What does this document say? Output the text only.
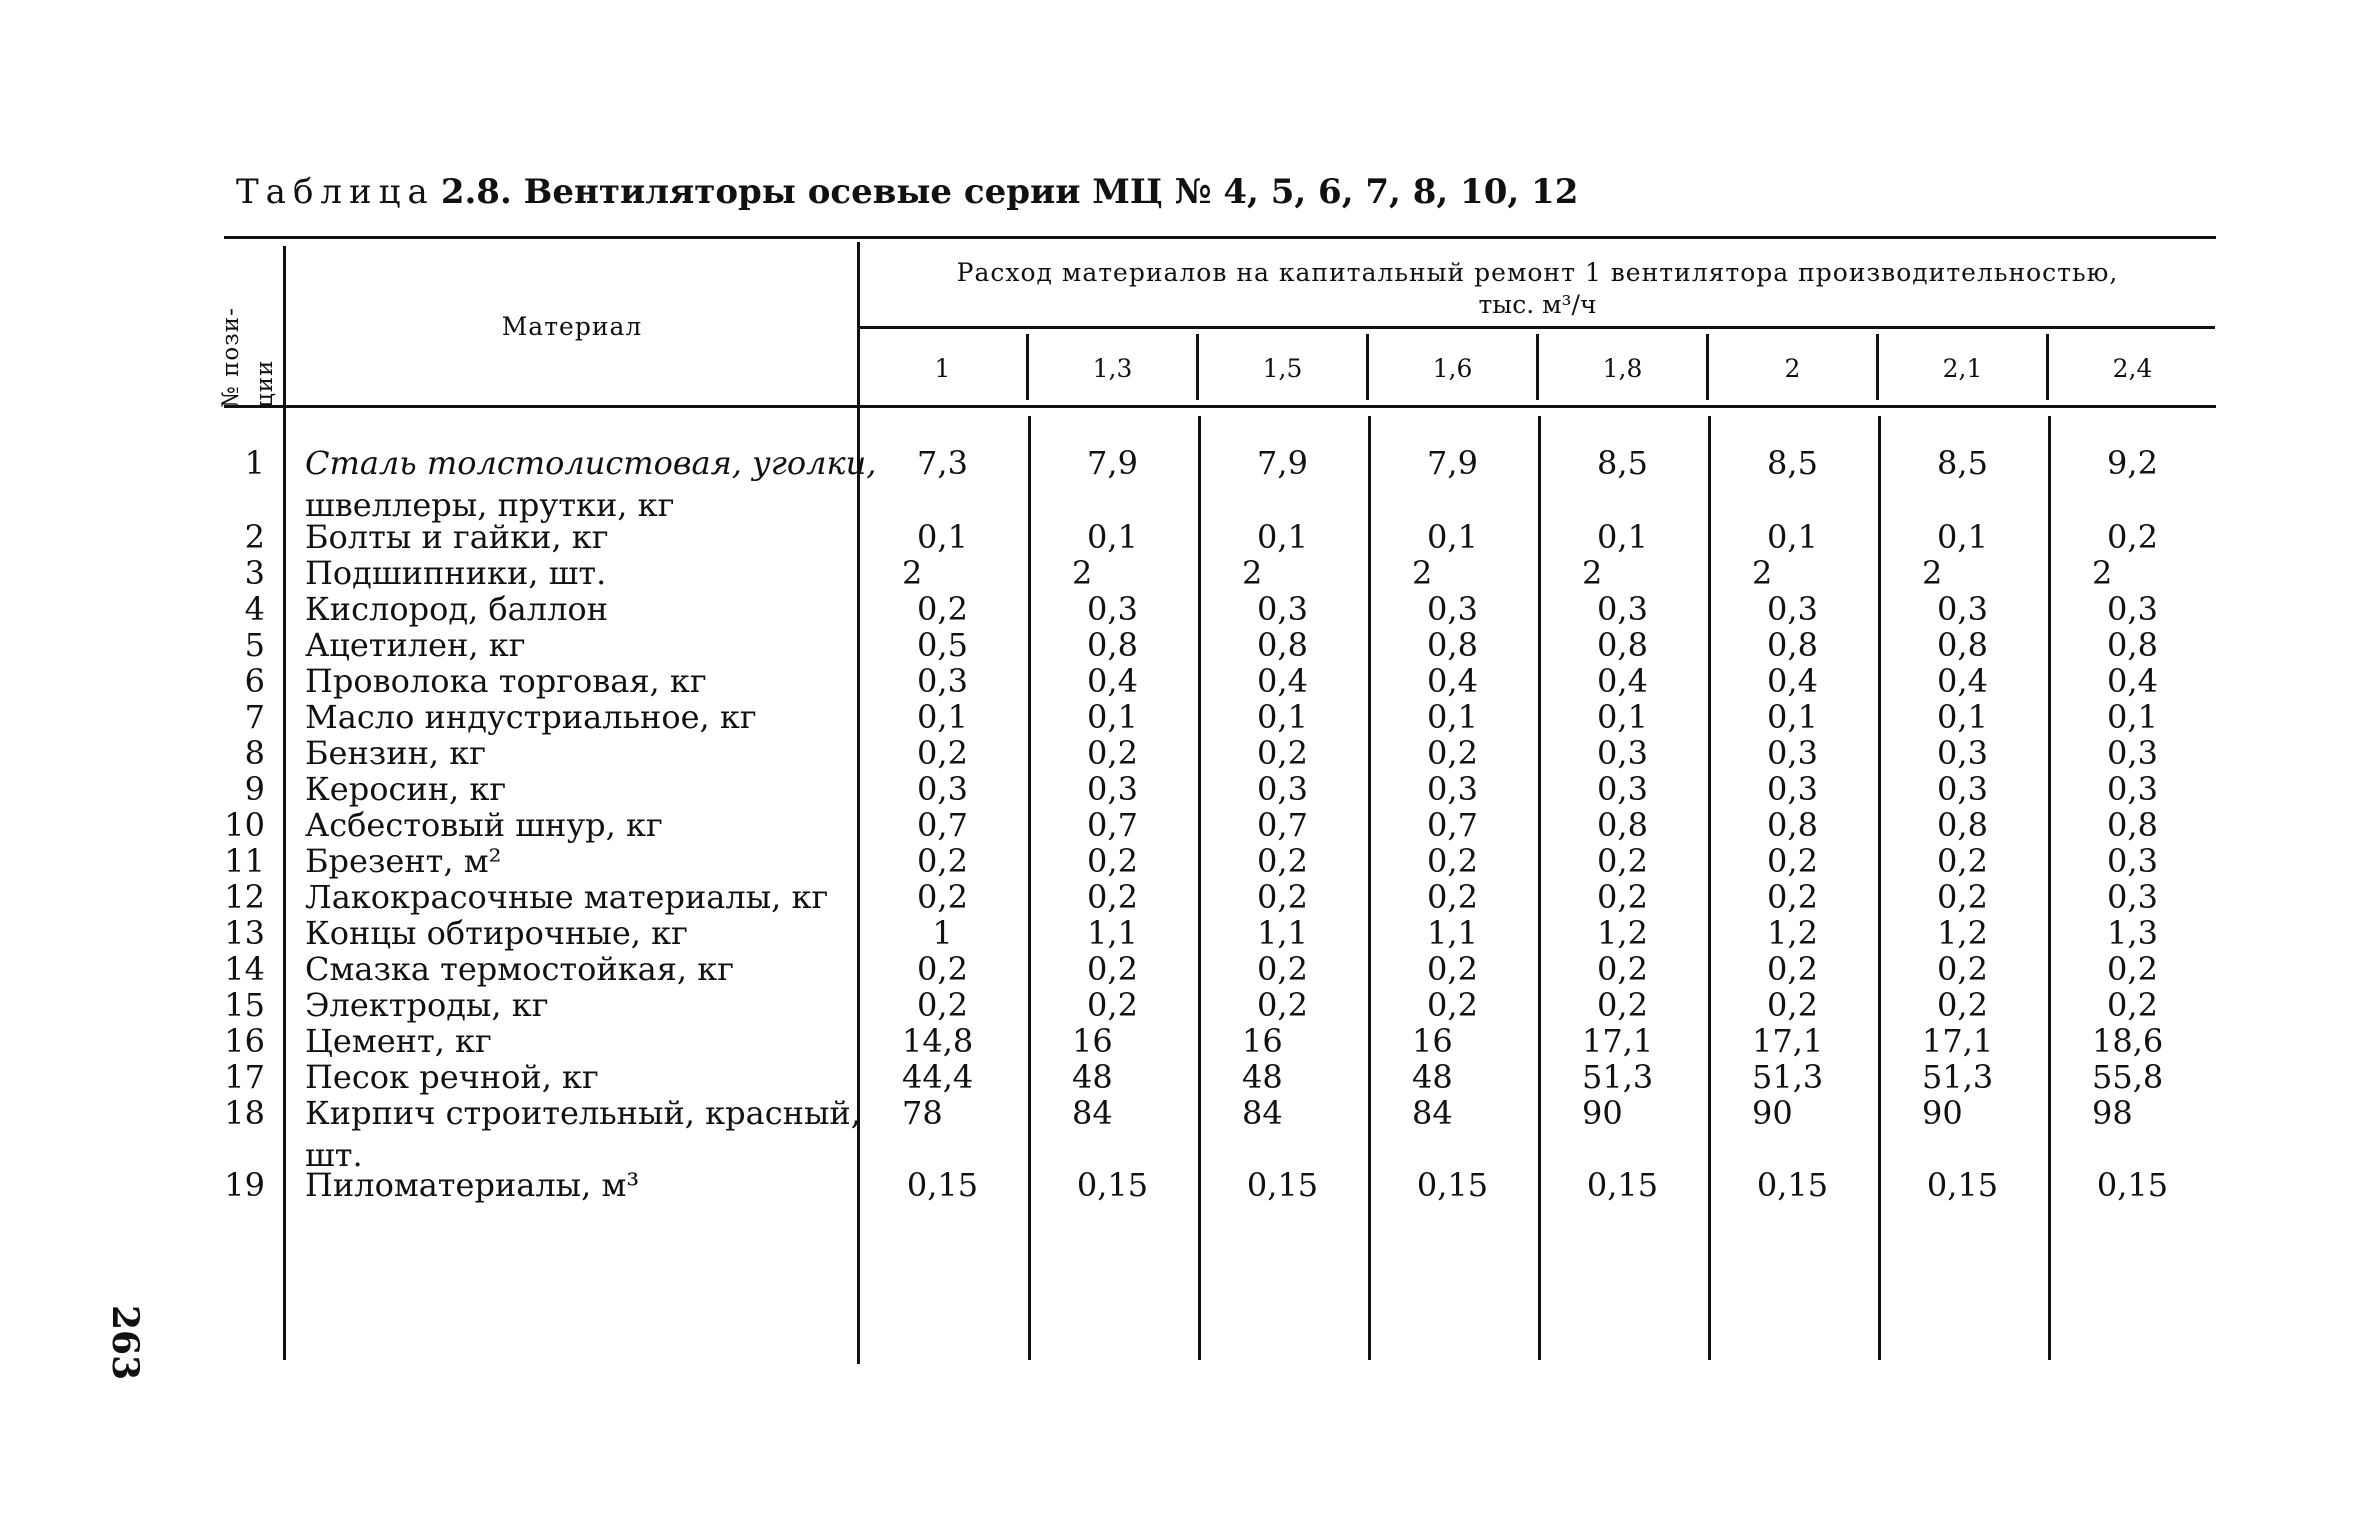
Таблица 2.8. Вентиляторы осевые серии МЦ № 4, 5, 6, 7, 8, 10, 12
№ пози- ции
Материал
Расход материалов на капитальный ремонт 1 вентилятора производительностью,
тыс. м³/ч
1	1,3	1,5	1,6	1,8	2	2,1	2,4
1 Сталь толстолистовая, уголки,
швеллеры, прутки, кг
7,3	7,9	7,9	7,9	8,5	8,5	8,5	9,2
2 Болты и гайки, кг	0,1	0,1	0,1	0,1	0,1	0,1	0,1	0,2
3 Подшипники, шт.	2	2	2	2	2	2	2	2
4 Кислород, баллон	0,2	0,3	0,3	0,3	0,3	0,3	0,3	0,3
5 Ацетилен, кг	0,5	0,8	0,8	0,8	0,8	0,8	0,8	0,8
6 Проволока торговая, кг	0,3	0,4	0,4	0,4	0,4	0,4	0,4	0,4
7 Масло индустриальное, кг	0,1	0,1	0,1	0,1	0,1	0,1	0,1	0,1
8 Бензин, кг	0,2	0,2	0,2	0,2	0,3	0,3	0,3	0,3
9 Керосин, кг	0,3	0,3	0,3	0,3	0,3	0,3	0,3	0,3
10 Асбестовый шнур, кг	0,7	0,7	0,7	0,7	0,8	0,8	0,8	0,8
11 Брезент, м²	0,2	0,2	0,2	0,2	0,2	0,2	0,2	0,3
12 Лакокрасочные материалы, кг	0,2	0,2	0,2	0,2	0,2	0,2	0,2	0,3
13 Концы обтирочные, кг	1	1,1	1,1	1,1	1,2	1,2	1,2	1,3
14 Смазка термостойкая, кг	0,2	0,2	0,2	0,2	0,2	0,2	0,2	0,2
15 Электроды, кг	0,2	0,2	0,2	0,2	0,2	0,2	0,2	0,2
16 Цемент, кг	14,8	16	16	16	17,1	17,1	17,1	18,6
17 Песок речной, кг	44,4	48	48	48	51,3	51,3	51,3	55,8
18 Кирпич строительный, красный,
шт.
78	84	84	84	90	90	90	98
19 Пиломатериалы, м³	0,15	0,15	0,15	0,15	0,15	0,15	0,15	0,15
263
